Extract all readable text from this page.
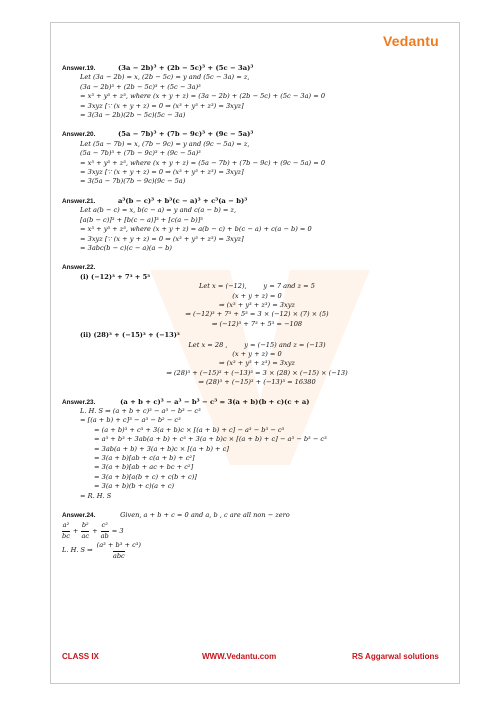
Vedantu
Answer.19.	(3a − 2b)³ + (2b − 5c)³ + (5c − 3a)³
Let (3a − 2b) = x, (2b − 5c) = y and (5c − 3a) = z,
(3a − 2b)³ + (2b − 5c)³ + (5c − 3a)³
= x³ + y³ + z³, where (x + y + z) = (3a − 2b) + (2b − 5c) + (5c − 3a) = 0
= 3xyz [∵ (x + y + z) = 0 ⇒ (x³ + y³ + z³) = 3xyz]
= 3(3a − 2b)(2b − 5c)(5c − 3a)
Answer.20.	(5a − 7b)³ + (7b − 9c)³ + (9c − 5a)³
Let (5a − 7b) = x, (7b − 9c) = y and (9c − 5a) = z,
(5a − 7b)³ + (7b − 9c)³ + (9c − 5a)³
= x³ + y³ + z³, where (x + y + z) = (5a − 7b) + (7b − 9c) + (9c − 5a) = 0
= 3xyz [∵ (x + y + z) = 0 ⇒ (x³ + y³ + z³) = 3xyz]
= 3(5a − 7b)(7b − 9c)(9c − 5a)
Answer.21.	a³(b − c)³ + b³(c − a)³ + c³(a − b)³
Let a(b − c) = x, b(c − a) = y and c(a − b) = z,
[a(b − c)]³ + [b(c − a)]³ + [c(a − b)]³
= x³ + y³ + z³, where (x + y + z) = a(b − c) + b(c − a) + c(a − b) = 0
= 3xyz [∵ (x + y + z) = 0 ⇒ (x³ + y³ + z³) = 3xyz]
= 3abc(b − c)(c − a)(a − b)
Answer.22.
(i) (−12)³ + 7³ + 5³
Let x = (−12),        y = 7 and z = 5
(x + y + z) = 0
⇒ (x³ + y³ + z³) = 3xyz
⇒ (−12)³ + 7³ + 5³ = 3 × (−12) × (7) × (5)
⇒ (−12)³ + 7³ + 5³ = −108
(ii) (28)³ + (−15)³ + (−13)³
Let x = 28 ,        y = (−15) and z = (−13)
(x + y + z) = 0
⇒ (x³ + y³ + z³) = 3xyz
⇒ (28)³ + (−15)³ + (−13)³ = 3 × (28) × (−15) × (−13)
⇒ (28)³ + (−15)³ + (−13)³ = 16380
Answer.23.	(a + b + c)³ − a³ − b³ − c³ = 3(a + b)(b + c)(c + a)
L. H. S ⇒ (a + b + c)³ − a³ − b³ − c³
= [(a + b) + c]³ − a³ − b² − c³
= (a + b)³ + c³ + 3(a + b)c × [(a + b) + c] − a³ − b³ − c³
= a³ + b³ + 3ab(a + b) + c³ + 3(a + b)c × [(a + b) + c] − a³ − b³ − c³
= 3ab(a + b) + 3(a + b)c × [(a + b) + c]
= 3(a + b)[ab + c(a + b) + c²]
= 3(a + b)[ab + ac + bc + c²]
= 3(a + b)[a(b + c) + c(b + c)]
= 3(a + b)(b + c)(a + c)
= R. H. S
Answer.24.	Given, a + b + c = 0 and a, b , c are all non − zero
$\frac{\text{a²}}{bc} + \frac{\text{b²}}{ac} + \frac{\text{c²}}{ab} = 3$
L. H. S ⇒
(a³ + b³ + c³)
abc
CLASS IX	WWW.Vedantu.com	RS Aggarwal solutions
